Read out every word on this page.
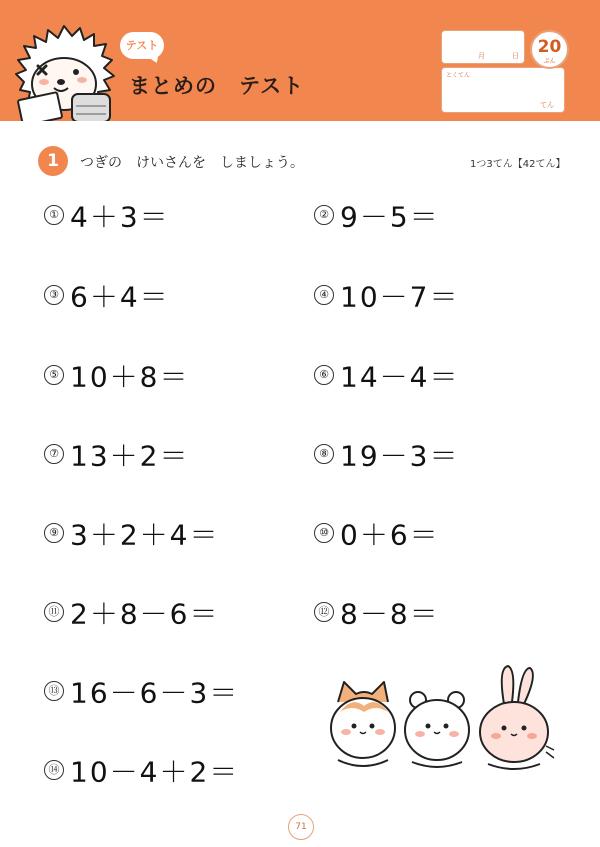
テスト
まとめの　テスト
月	日
とくてん
てん
20
ぷん
1	つぎの　けいさんを　しましょう。	1つ3てん【42てん】
① 4＋3＝	② 9－5＝
③ 6＋4＝	④ 10－7＝
⑤ 10＋8＝	⑥ 14－4＝
⑦ 13＋2＝	⑧ 19－3＝
⑨ 3＋2＋4＝	⑩ 0＋6＝
⑪ 2＋8－6＝	⑫ 8－8＝
⑬ 16－6－3＝
⑭ 10－4＋2＝
71
